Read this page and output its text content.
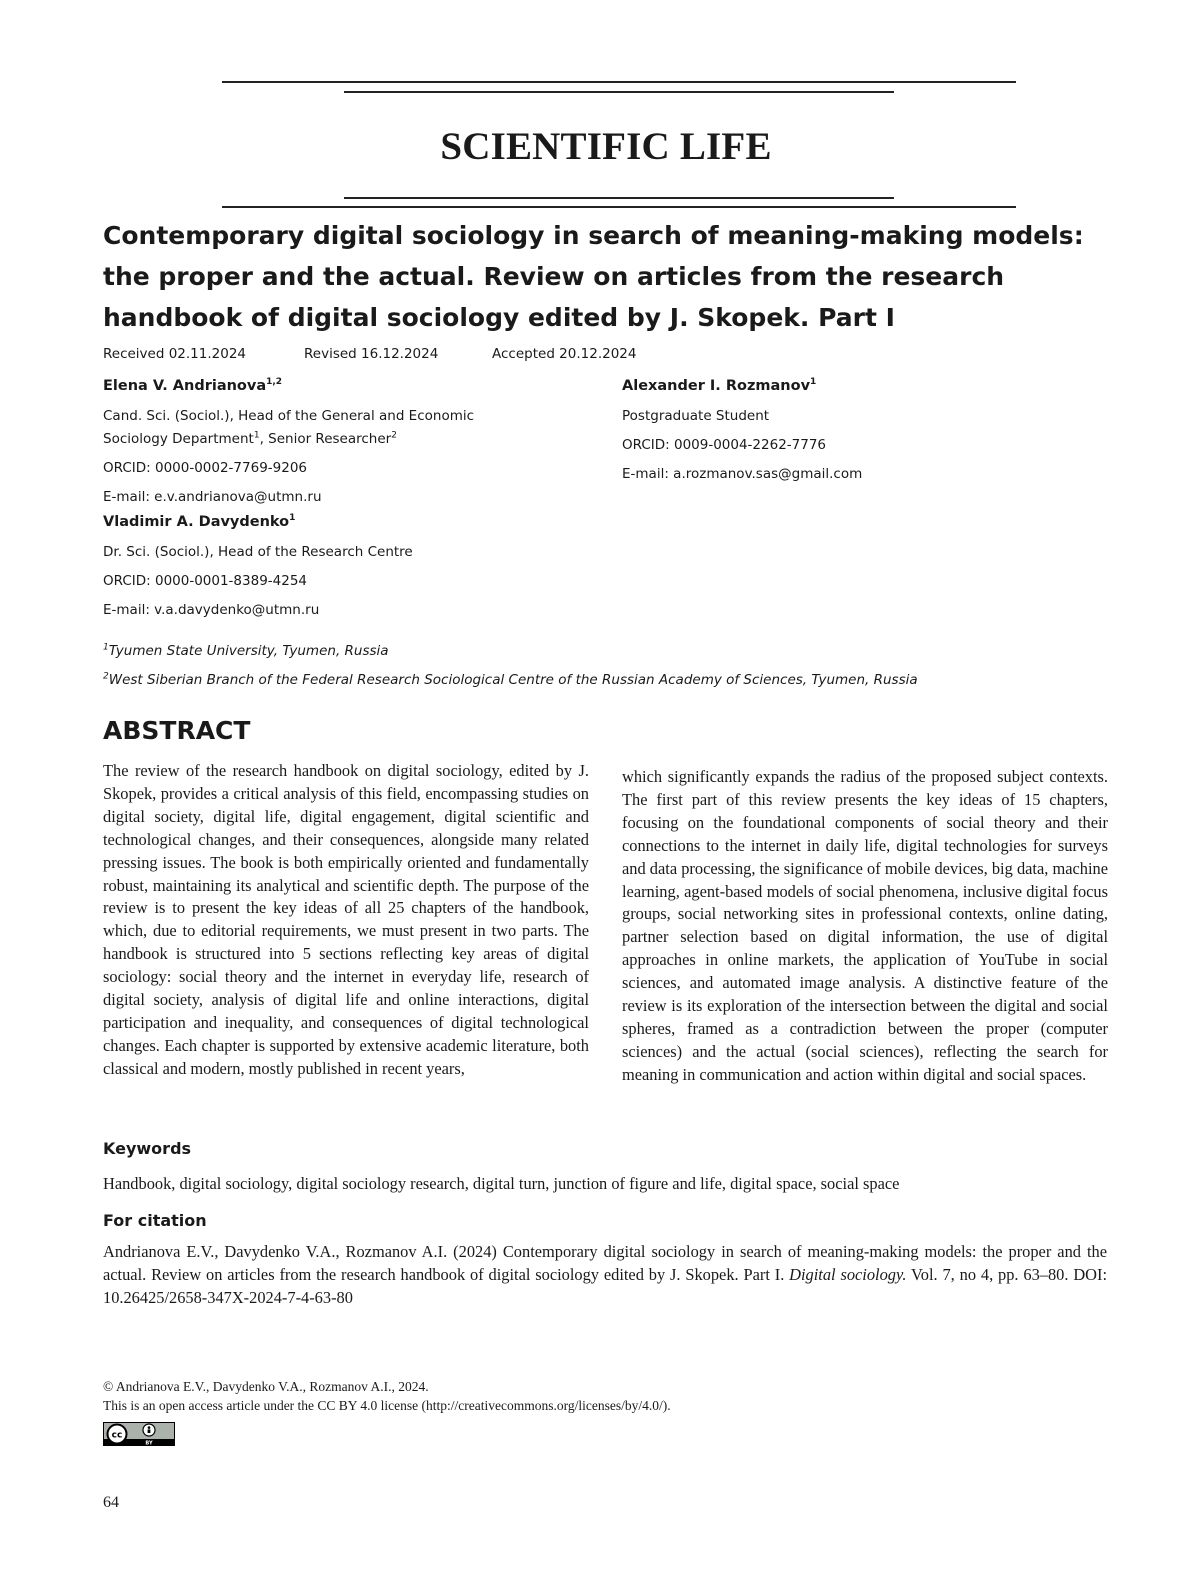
SCIENTIFIC LIFE
Contemporary digital sociology in search of meaning-making models: the proper and the actual. Review on articles from the research handbook of digital sociology edited by J. Skopek. Part I
Received 02.11.2024	Revised 16.12.2024	Accepted 20.12.2024
Elena V. Andrianova$^{1,2}$
Cand. Sci. (Sociol.), Head of the General and Economic
Sociology Department$^1$, Senior Researcher$^2$
ORCID: 0000-0002-7769-9206
E-mail: e.v.andrianova@utmn.ru
Vladimir A. Davydenko$^1$
Dr. Sci. (Sociol.), Head of the Research Centre
ORCID: 0000-0001-8389-4254
E-mail: v.a.davydenko@utmn.ru
Alexander I. Rozmanov$^1$
Postgraduate Student
ORCID: 0009-0004-2262-7776
E-mail: a.rozmanov.sas@gmail.com
$^1$Tyumen State University, Tyumen, Russia
$^2$West Siberian Branch of the Federal Research Sociological Centre of the Russian Academy of Sciences, Tyumen, Russia
ABSTRACT
The review of the research handbook on digital sociology, edited by J. Skopek, provides a critical analysis of this field, encompassing studies on digital society, digital life, digital engagement, digital scientific and technological changes, and their consequences, alongside many related pressing issues. The book is both empirically oriented and fundamentally robust, maintaining its analytical and scientific depth. The purpose of the review is to present the key ideas of all 25 chapters of the handbook, which, due to editorial requirements, we must present in two parts. The handbook is structured into 5 sections reflecting key areas of digital sociology: social theory and the internet in everyday life, research of digital society, analysis of digital life and online interactions, digital participation and inequality, and consequences of digital technological changes. Each chapter is supported by extensive academic literature, both classical and modern, mostly published in recent years,
which significantly expands the radius of the proposed subject contexts. The first part of this review presents the key ideas of 15 chapters, focusing on the foundational components of social theory and their connections to the internet in daily life, digital technologies for surveys and data processing, the significance of mobile devices, big data, machine learning, agent-based models of social phenomena, inclusive digital focus groups, social networking sites in professional contexts, online dating, partner selection based on digital information, the use of digital approaches in online markets, the application of YouTube in social sciences, and automated image analysis. A distinctive feature of the review is its exploration of the intersection between the digital and social spheres, framed as a contradiction between the proper (computer sciences) and the actual (social sciences), reflecting the search for meaning in communication and action within digital and social spaces.
Keywords
Handbook, digital sociology, digital sociology research, digital turn, junction of figure and life, digital space, social space
For citation
Andrianova E.V., Davydenko V.A., Rozmanov A.I. (2024) Contemporary digital sociology in search of meaning-making models: the proper and the actual. Review on articles from the research handbook of digital sociology edited by J. Skopek. Part I. Digital sociology. Vol. 7, no 4, pp. 63–80. DOI: 10.26425/2658-347X-2024-7-4-63-80
© Andrianova E.V., Davydenko V.A., Rozmanov A.I., 2024.
This is an open access article under the CC BY 4.0 license (http://creativecommons.org/licenses/by/4.0/).
cc
BY
64
